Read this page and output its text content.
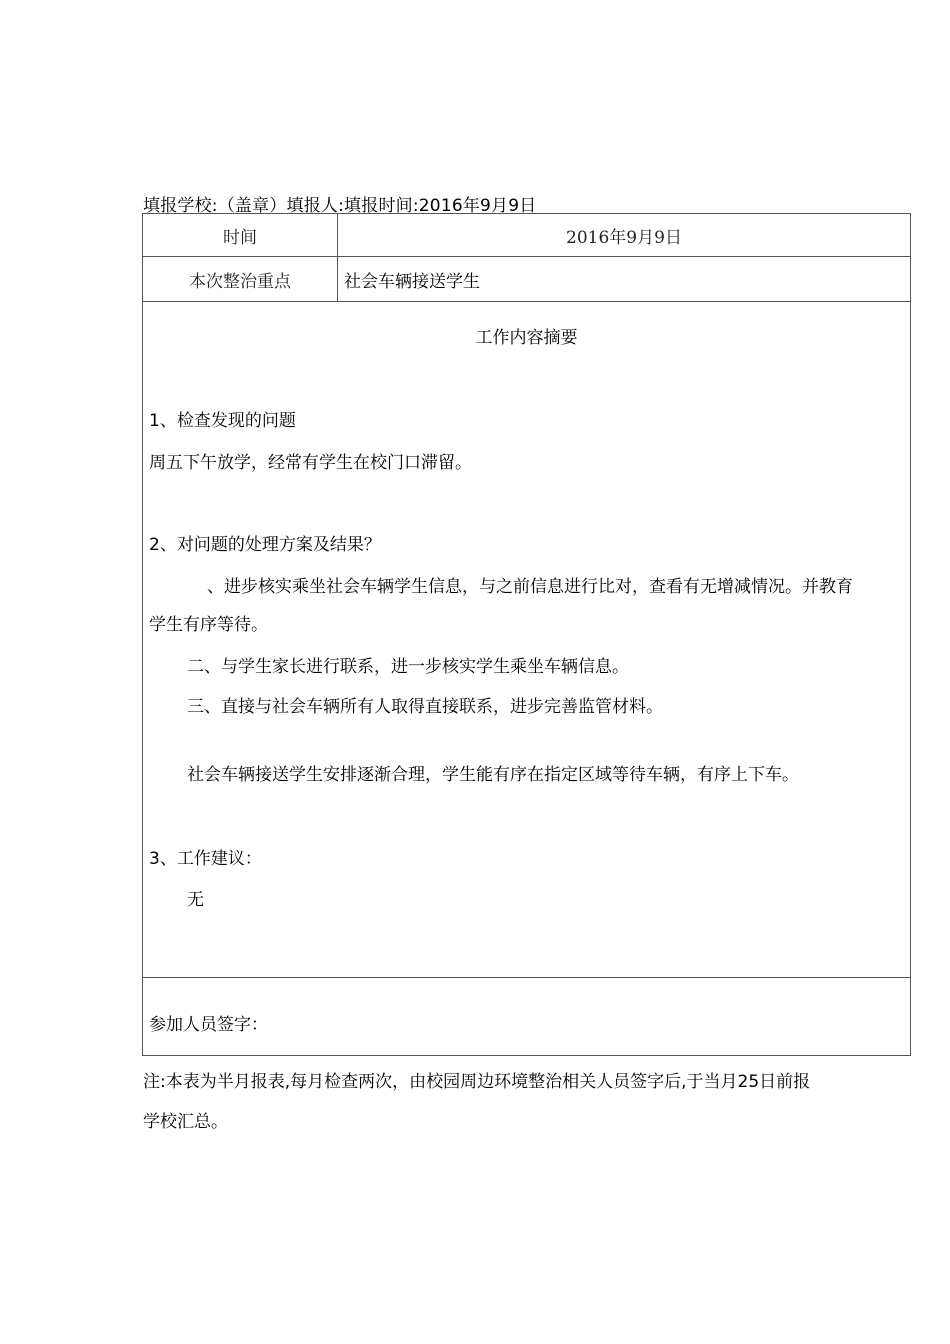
填报学校:（盖章）填报人:填报时间:2016年9月9日
时间	2016年9月9日
本次整治重点	社会车辆接送学生
工作内容摘要
1、检查发现的问题
周五下午放学，经常有学生在校门口滞留。
2、对问题的处理方案及结果？
、进步核实乘坐社会车辆学生信息，与之前信息进行比对，查看有无增减情况。并教育
学生有序等待。
二、与学生家长进行联系，进一步核实学生乘坐车辆信息。
三、直接与社会车辆所有人取得直接联系，进步完善监管材料。
社会车辆接送学生安排逐渐合理，学生能有序在指定区域等待车辆，有序上下车。
3、工作建议：
无
参加人员签字：
注:本表为半月报表,每月检查两次，由校园周边环境整治相关人员签字后,于当月25日前报
学校汇总。
